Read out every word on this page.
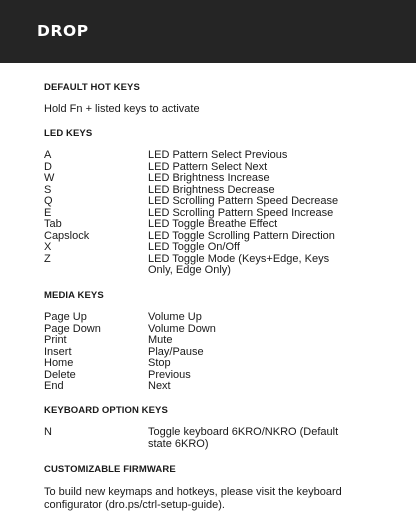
DROP
DEFAULT HOT KEYS
Hold Fn + listed keys to activate
LED KEYS
A	LED Pattern Select Previous
D	LED Pattern Select Next
W	LED Brightness Increase
S	LED Brightness Decrease
Q	LED Scrolling Pattern Speed Decrease
E	LED Scrolling Pattern Speed Increase
Tab	LED Toggle Breathe Effect
Capslock	LED Toggle Scrolling Pattern Direction
X	LED Toggle On/Off
Z	LED Toggle Mode (Keys+Edge, Keys Only, Edge Only)
MEDIA KEYS
Page Up	Volume Up
Page Down	Volume Down
Print	Mute
Insert	Play/Pause
Home	Stop
Delete	Previous
End	Next
KEYBOARD OPTION KEYS
N	Toggle keyboard 6KRO/NKRO (Default state 6KRO)
CUSTOMIZABLE FIRMWARE
To build new keymaps and hotkeys, please visit the keyboard configurator (dro.ps/ctrl-setup-guide).
